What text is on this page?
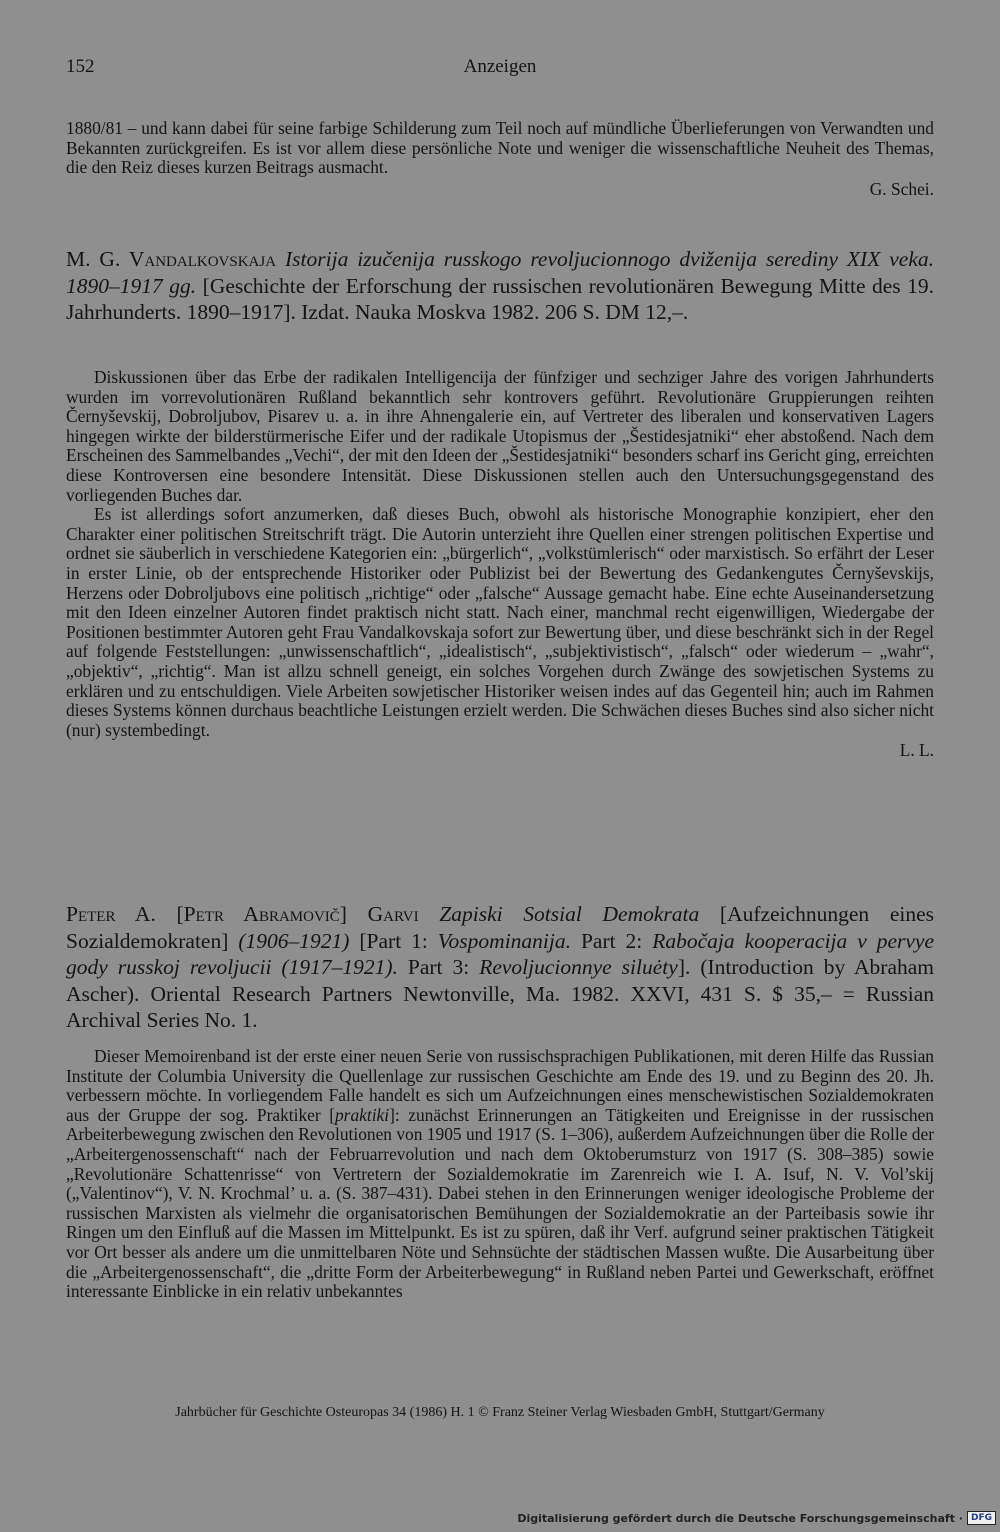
152	Anzeigen

1880/81 – und kann dabei für seine farbige Schilderung zum Teil noch auf mündliche Überlieferungen von Verwandten und Bekannten zurückgreifen. Es ist vor allem diese persönliche Note und weniger die wissenschaftliche Neuheit des Themas, die den Reiz dieses kurzen Beitrags ausmacht.

G. Schei.
M. G. Vandalkovskaja Istorija izučenija russkogo revoljucionnogo dviženija serediny XIX veka. 1890–1917 gg. [Geschichte der Erforschung der russischen revolutionären Bewegung Mitte des 19. Jahrhunderts. 1890–1917]. Izdat. Nauka Moskva 1982. 206 S. DM 12,–.

Diskussionen über das Erbe der radikalen Intelligencija der fünfziger und sechziger Jahre des vorigen Jahrhunderts wurden im vorrevolutionären Rußland bekanntlich sehr kontrovers geführt. Revolutionäre Gruppierungen reihten Černyševskij, Dobroljubov, Pisarev u. a. in ihre Ahnengalerie ein, auf Vertreter des liberalen und konservativen Lagers hingegen wirkte der bilderstürmerische Eifer und der radikale Utopismus der „Šestidesjatniki“ eher abstoßend. Nach dem Erscheinen des Sammelbandes „Vechi“, der mit den Ideen der „Šestidesjatniki“ besonders scharf ins Gericht ging, erreichten diese Kontroversen eine besondere Intensität. Diese Diskussionen stellen auch den Untersuchungsgegenstand des vorliegenden Buches dar.

Es ist allerdings sofort anzumerken, daß dieses Buch, obwohl als historische Monographie konzipiert, eher den Charakter einer politischen Streitschrift trägt. Die Autorin unterzieht ihre Quellen einer strengen politischen Expertise und ordnet sie säuberlich in verschiedene Kategorien ein: „bürgerlich“, „volkstümlerisch“ oder marxistisch. So erfährt der Leser in erster Linie, ob der entsprechende Historiker oder Publizist bei der Bewertung des Gedankengutes Černyševskijs, Herzens oder Dobroljubovs eine politisch „richtige“ oder „falsche“ Aussage gemacht habe. Eine echte Auseinandersetzung mit den Ideen einzelner Autoren findet praktisch nicht statt. Nach einer, manchmal recht eigenwilligen, Wiedergabe der Positionen bestimmter Autoren geht Frau Vandalkovskaja sofort zur Bewertung über, und diese beschränkt sich in der Regel auf folgende Feststellungen: „unwissenschaftlich“, „idealistisch“, „subjektivistisch“, „falsch“ oder wiederum – „wahr“, „objektiv“, „richtig“. Man ist allzu schnell geneigt, ein solches Vorgehen durch Zwänge des sowjetischen Systems zu erklären und zu entschuldigen. Viele Arbeiten sowjetischer Historiker weisen indes auf das Gegenteil hin; auch im Rahmen dieses Systems können durchaus beachtliche Leistungen erzielt werden. Die Schwächen dieses Buches sind also sicher nicht (nur) systembedingt.

L. L.
Peter A. [Petr Abramovič] Garvi Zapiski Sotsial Demokrata [Aufzeichnungen eines Sozialdemokraten] (1906–1921) [Part 1: Vospominanija. Part 2: Rabočaja kooperacija v pervye gody russkoj revoljucii (1917–1921). Part 3: Revoljucionnye siluėty]. (Introduction by Abraham Ascher). Oriental Research Partners Newtonville, Ma. 1982. XXVI, 431 S. $ 35,– = Russian Archival Series No. 1.

Dieser Memoirenband ist der erste einer neuen Serie von russischsprachigen Publikationen, mit deren Hilfe das Russian Institute der Columbia University die Quellenlage zur russischen Geschichte am Ende des 19. und zu Beginn des 20. Jh. verbessern möchte. In vorliegendem Falle handelt es sich um Aufzeichnungen eines menschewistischen Sozialdemokraten aus der Gruppe der sog. Praktiker [praktiki]: zunächst Erinnerungen an Tätigkeiten und Ereignisse in der russischen Arbeiterbewegung zwischen den Revolutionen von 1905 und 1917 (S. 1–306), außerdem Aufzeichnungen über die Rolle der „Arbeitergenossenschaft“ nach der Februarrevolution und nach dem Oktoberumsturz von 1917 (S. 308–385) sowie „Revolutionäre Schattenrisse“ von Vertretern der Sozialdemokratie im Zarenreich wie I. A. Isuf, N. V. Vol’skij („Valentinov“), V. N. Krochmal’ u. a. (S. 387–431). Dabei stehen in den Erinnerungen weniger ideologische Probleme der russischen Marxisten als vielmehr die organisatorischen Bemühungen der Sozialdemokratie an der Parteibasis sowie ihr Ringen um den Einfluß auf die Massen im Mittelpunkt. Es ist zu spüren, daß ihr Verf. aufgrund seiner praktischen Tätigkeit vor Ort besser als andere um die unmittelbaren Nöte und Sehnsüchte der städtischen Massen wußte. Die Ausarbeitung über die „Arbeitergenossenschaft“, die „dritte Form der Arbeiterbewegung“ in Rußland neben Partei und Gewerkschaft, eröffnet interessante Einblicke in ein relativ unbekanntes

Jahrbücher für Geschichte Osteuropas 34 (1986) H. 1 © Franz Steiner Verlag Wiesbaden GmbH, Stuttgart/Germany
Digitalisierung gefördert durch die Deutsche Forschungsgemeinschaft · DFG
